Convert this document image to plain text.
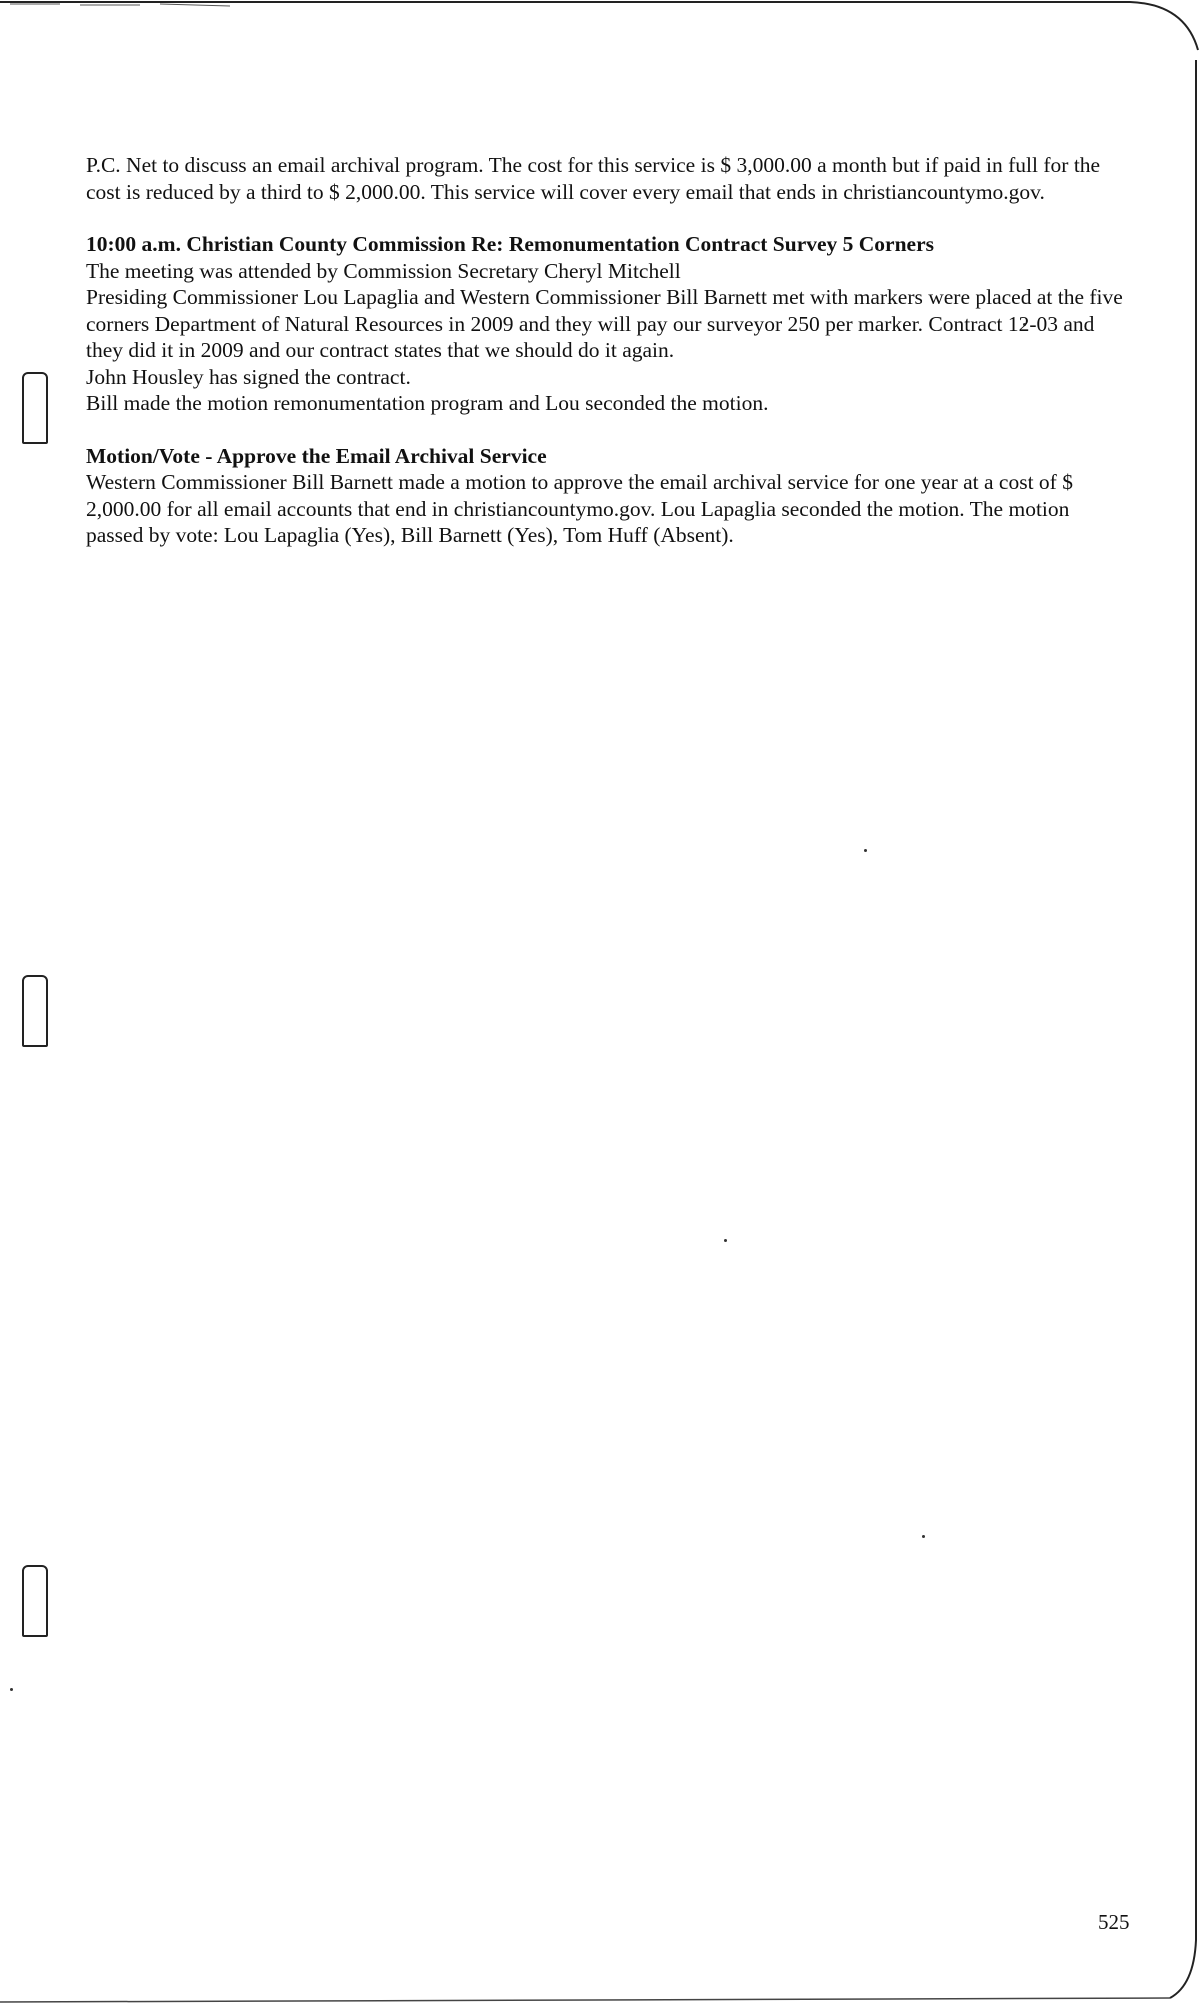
P.C. Net to discuss an email archival program. The cost for this service is $ 3,000.00 a month but if paid in full for the cost is reduced by a third to $ 2,000.00. This service will cover every email that ends in christiancountymo.gov.

10:00 a.m. Christian County Commission Re: Remonumentation Contract Survey 5 Corners

The meeting was attended by Commission Secretary Cheryl Mitchell

Presiding Commissioner Lou Lapaglia and Western Commissioner Bill Barnett met with markers were placed at the five corners Department of Natural Resources in 2009 and they will pay our surveyor 250 per marker. Contract 12-03 and they did it in 2009 and our contract states that we should do it again.

John Housley has signed the contract.

Bill made the motion remonumentation program and Lou seconded the motion.

Motion/Vote - Approve the Email Archival Service

Western Commissioner Bill Barnett made a motion to approve the email archival service for one year at a cost of $ 2,000.00 for all email accounts that end in christiancountymo.gov. Lou Lapaglia seconded the motion. The motion passed by vote: Lou Lapaglia (Yes), Bill Barnett (Yes), Tom Huff (Absent).

525
